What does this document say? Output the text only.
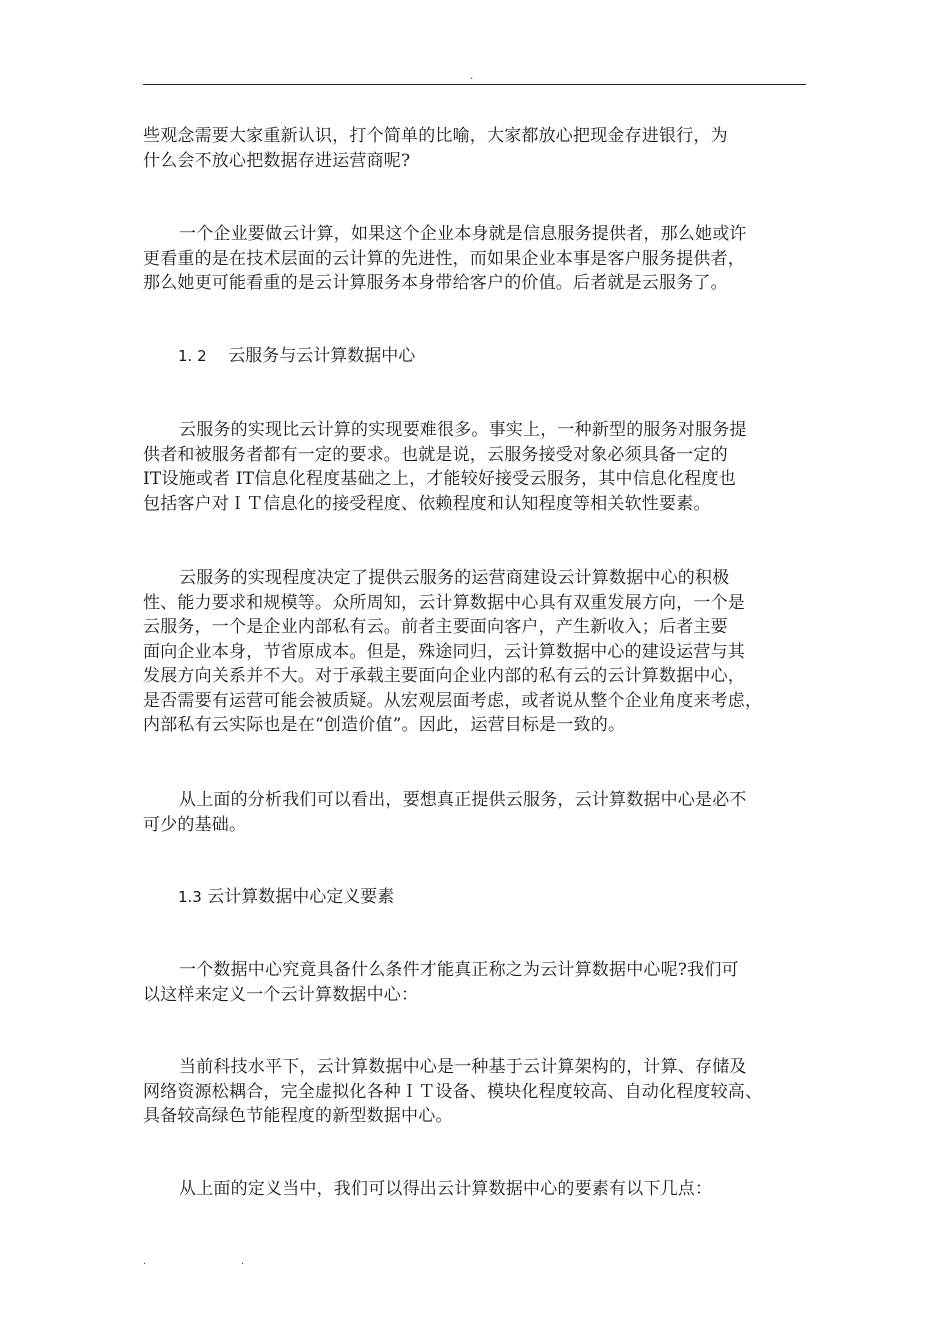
.

些观念需要大家重新认识，打个简单的比喻，大家都放心把现金存进银行，为
什么会不放心把数据存进运营商呢?

一个企业要做云计算，如果这个企业本身就是信息服务提供者，那么她或许
更看重的是在技术层面的云计算的先进性，而如果企业本事是客户服务提供者，
那么她更可能看重的是云计算服务本身带给客户的价值。后者就是云服务了。

1. 2 云服务与云计算数据中心

云服务的实现比云计算的实现要难很多。事实上，一种新型的服务对服务提
供者和被服务者都有一定的要求。也就是说，云服务接受对象必须具备一定的
IT设施或者 IT信息化程度基础之上，才能较好接受云服务，其中信息化程度也
包括客户对ＩＴ信息化的接受程度、依赖程度和认知程度等相关软性要素。

云服务的实现程度决定了提供云服务的运营商建设云计算数据中心的积极
性、能力要求和规模等。众所周知，云计算数据中心具有双重发展方向，一个是
云服务，一个是企业内部私有云。前者主要面向客户，产生新收入；后者主要
面向企业本身，节省原成本。但是，殊途同归，云计算数据中心的建设运营与其
发展方向关系并不大。对于承载主要面向企业内部的私有云的云计算数据中心，
是否需要有运营可能会被质疑。从宏观层面考虑，或者说从整个企业角度来考虑，
内部私有云实际也是在“创造价值”。因此，运营目标是一致的。

从上面的分析我们可以看出，要想真正提供云服务，云计算数据中心是必不
可少的基础。

1.3 云计算数据中心定义要素

一个数据中心究竟具备什么条件才能真正称之为云计算数据中心呢?我们可
以这样来定义一个云计算数据中心：

当前科技水平下，云计算数据中心是一种基于云计算架构的，计算、存储及
网络资源松耦合，完全虚拟化各种ＩＴ设备、模块化程度较高、自动化程度较高、
具备较高绿色节能程度的新型数据中心。

从上面的定义当中，我们可以得出云计算数据中心的要素有以下几点：

.	.
